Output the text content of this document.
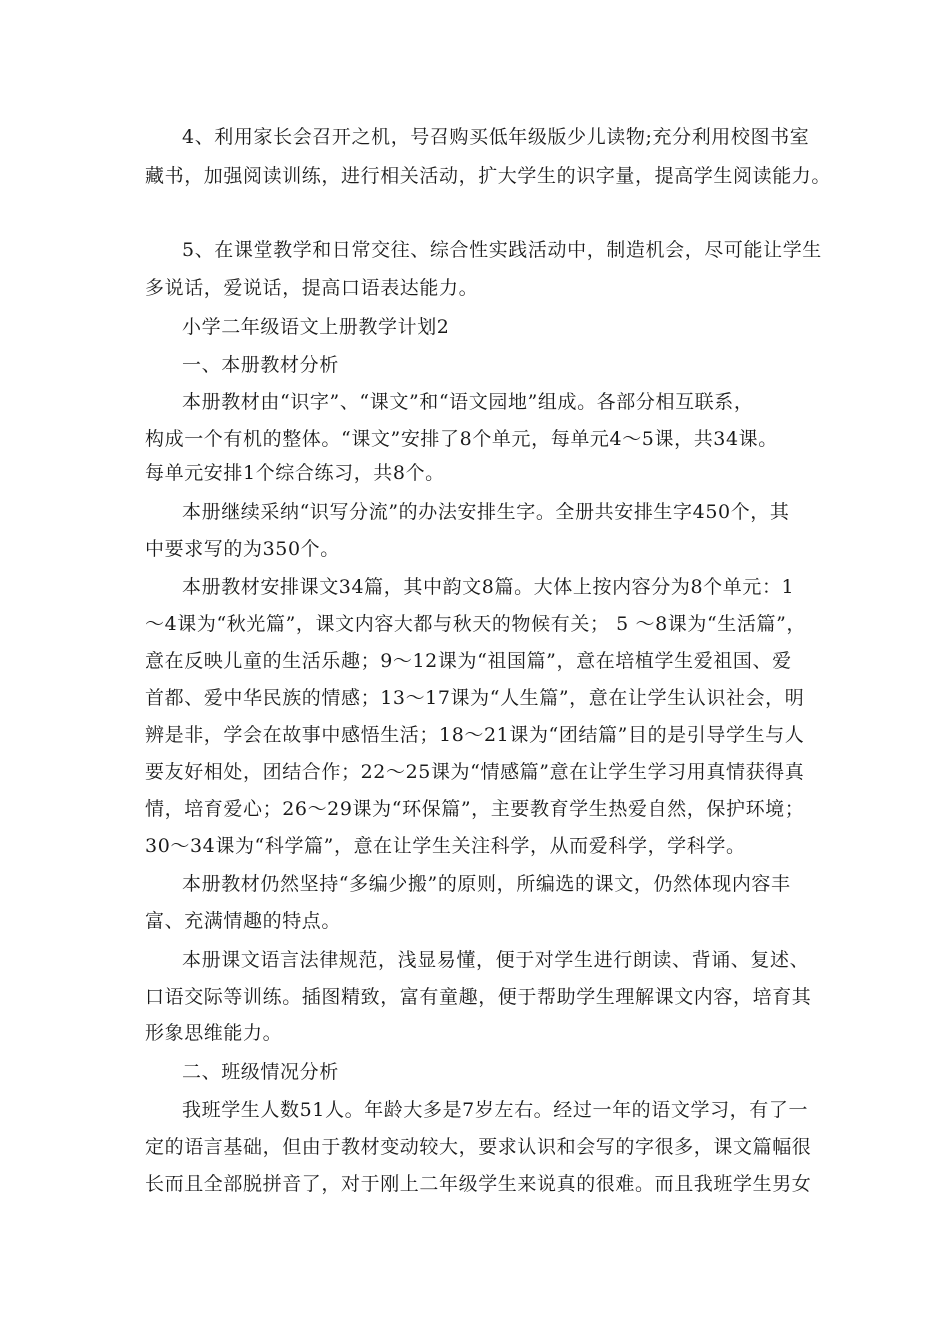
4、利用家长会召开之机，号召购买低年级版少儿读物;充分利用校图书室
藏书，加强阅读训练，进行相关活动，扩大学生的识字量，提高学生阅读能力。
5、在课堂教学和日常交往、综合性实践活动中，制造机会，尽可能让学生
多说话，爱说话，提高口语表达能力。
小学二年级语文上册教学计划2
一、本册教材分析
本册教材由“识字”、“课文”和“语文园地”组成。各部分相互联系，
构成一个有机的整体。“课文”安排了8个单元，每单元4～5课，共34课。
每单元安排1个综合练习，共8个。
本册继续采纳“识写分流”的办法安排生字。全册共安排生字450个，其
中要求写的为350个。
本册教材安排课文34篇，其中韵文8篇。大体上按内容分为8个单元：1
～4课为“秋光篇”，课文内容大都与秋天的物候有关； 5 ～8课为“生活篇”，
意在反映儿童的生活乐趣；9～12课为“祖国篇”，意在培植学生爱祖国、爱
首都、爱中华民族的情感；13～17课为“人生篇”，意在让学生认识社会，明
辨是非，学会在故事中感悟生活；18～21课为“团结篇”目的是引导学生与人
要友好相处，团结合作；22～25课为“情感篇”意在让学生学习用真情获得真
情，培育爱心；26～29课为“环保篇”，主要教育学生热爱自然，保护环境；
30～34课为“科学篇”，意在让学生关注科学，从而爱科学，学科学。
本册教材仍然坚持“多编少搬”的原则，所编选的课文，仍然体现内容丰
富、充满情趣的特点。
本册课文语言法律规范，浅显易懂，便于对学生进行朗读、背诵、复述、
口语交际等训练。插图精致，富有童趣，便于帮助学生理解课文内容，培育其
形象思维能力。
二、班级情况分析
我班学生人数51人。年龄大多是7岁左右。经过一年的语文学习，有了一
定的语言基础，但由于教材变动较大，要求认识和会写的字很多，课文篇幅很
长而且全部脱拼音了，对于刚上二年级学生来说真的很难。而且我班学生男女
